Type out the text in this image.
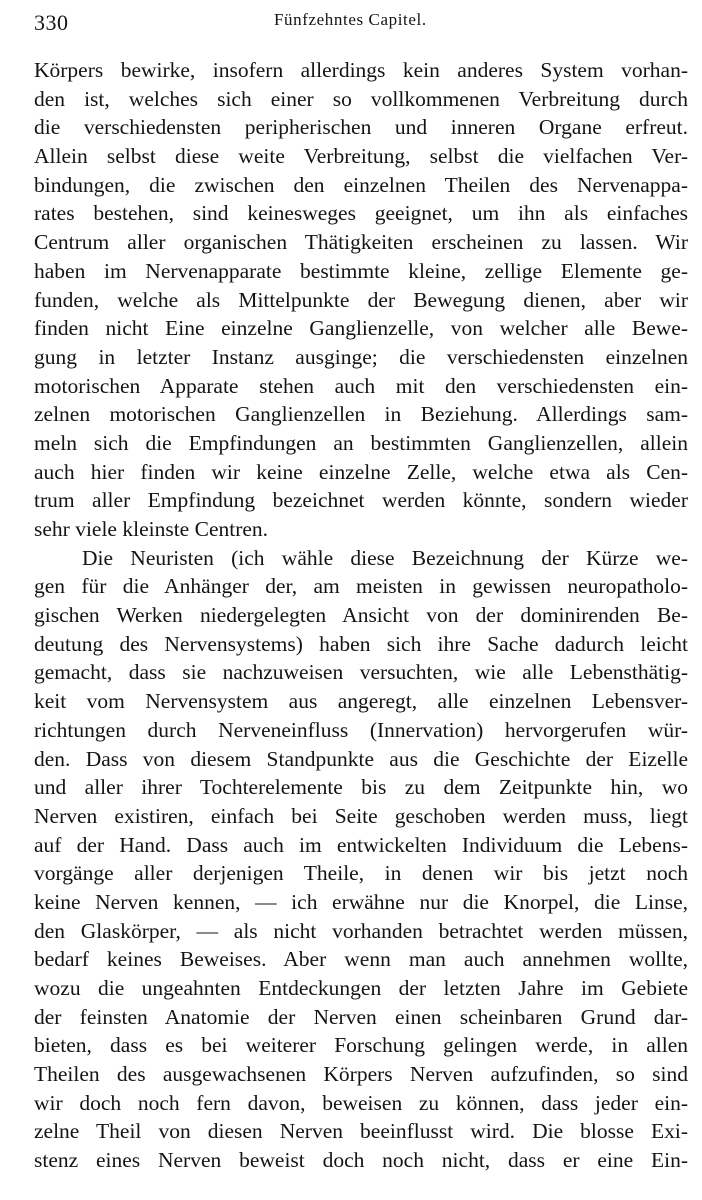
330	Fünfzehntes Capitel.
Körpers bewirke, insofern allerdings kein anderes System vorhan-
den ist, welches sich einer so vollkommenen Verbreitung durch
die verschiedensten peripherischen und inneren Organe erfreut.
Allein selbst diese weite Verbreitung, selbst die vielfachen Ver-
bindungen, die zwischen den einzelnen Theilen des Nervenappa-
rates bestehen, sind keinesweges geeignet, um ihn als einfaches
Centrum aller organischen Thätigkeiten erscheinen zu lassen. Wir
haben im Nervenapparate bestimmte kleine, zellige Elemente ge-
funden, welche als Mittelpunkte der Bewegung dienen, aber wir
finden nicht Eine einzelne Ganglienzelle, von welcher alle Bewe-
gung in letzter Instanz ausginge; die verschiedensten einzelnen
motorischen Apparate stehen auch mit den verschiedensten ein-
zelnen motorischen Ganglienzellen in Beziehung. Allerdings sam-
meln sich die Empfindungen an bestimmten Ganglienzellen, allein
auch hier finden wir keine einzelne Zelle, welche etwa als Cen-
trum aller Empfindung bezeichnet werden könnte, sondern wieder
sehr viele kleinste Centren.
Die Neuristen (ich wähle diese Bezeichnung der Kürze we-
gen für die Anhänger der, am meisten in gewissen neuropatholo-
gischen Werken niedergelegten Ansicht von der dominirenden Be-
deutung des Nervensystems) haben sich ihre Sache dadurch leicht
gemacht, dass sie nachzuweisen versuchten, wie alle Lebensthätig-
keit vom Nervensystem aus angeregt, alle einzelnen Lebensver-
richtungen durch Nerveneinfluss (Innervation) hervorgerufen wür-
den. Dass von diesem Standpunkte aus die Geschichte der Eizelle
und aller ihrer Tochterelemente bis zu dem Zeitpunkte hin, wo
Nerven existiren, einfach bei Seite geschoben werden muss, liegt
auf der Hand. Dass auch im entwickelten Individuum die Lebens-
vorgänge aller derjenigen Theile, in denen wir bis jetzt noch
keine Nerven kennen, — ich erwähne nur die Knorpel, die Linse,
den Glaskörper, — als nicht vorhanden betrachtet werden müssen,
bedarf keines Beweises. Aber wenn man auch annehmen wollte,
wozu die ungeahnten Entdeckungen der letzten Jahre im Gebiete
der feinsten Anatomie der Nerven einen scheinbaren Grund dar-
bieten, dass es bei weiterer Forschung gelingen werde, in allen
Theilen des ausgewachsenen Körpers Nerven aufzufinden, so sind
wir doch noch fern davon, beweisen zu können, dass jeder ein-
zelne Theil von diesen Nerven beeinflusst wird. Die blosse Exi-
stenz eines Nerven beweist doch noch nicht, dass er eine Ein-
